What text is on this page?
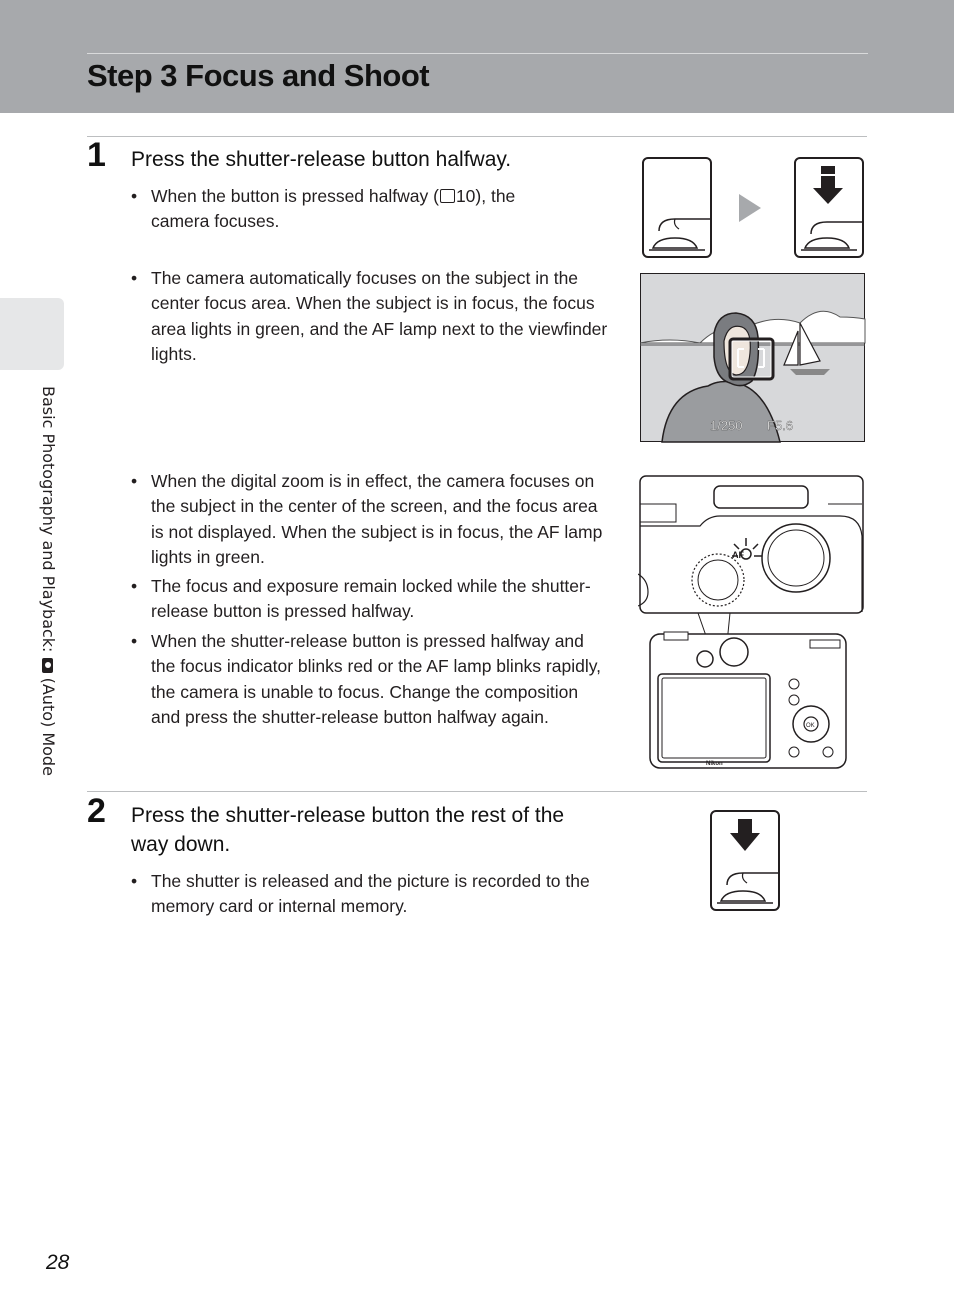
Step 3 Focus and Shoot
Basic Photography and Playback:  (Auto) Mode
1 Press the shutter-release button halfway.
• When the button is pressed halfway ( 10), the camera focuses.
• The camera automatically focuses on the subject in the center focus area. When the subject is in focus, the focus area lights in green, and the AF lamp next to the viewfinder lights.
• When the digital zoom is in effect, the camera focuses on the subject in the center of the screen, and the focus area is not displayed. When the subject is in focus, the AF lamp lights in green.
• The focus and exposure remain locked while the shutter-release button is pressed halfway.
• When the shutter-release button is pressed halfway and the focus indicator blinks red or the AF lamp blinks rapidly, the camera is unable to focus. Change the composition and press the shutter-release button halfway again.
1/250 F5.6
AF
OK
Nikon
2 Press the shutter-release button the rest of the
way down.
• The shutter is released and the picture is recorded to the memory card or internal memory.
28
